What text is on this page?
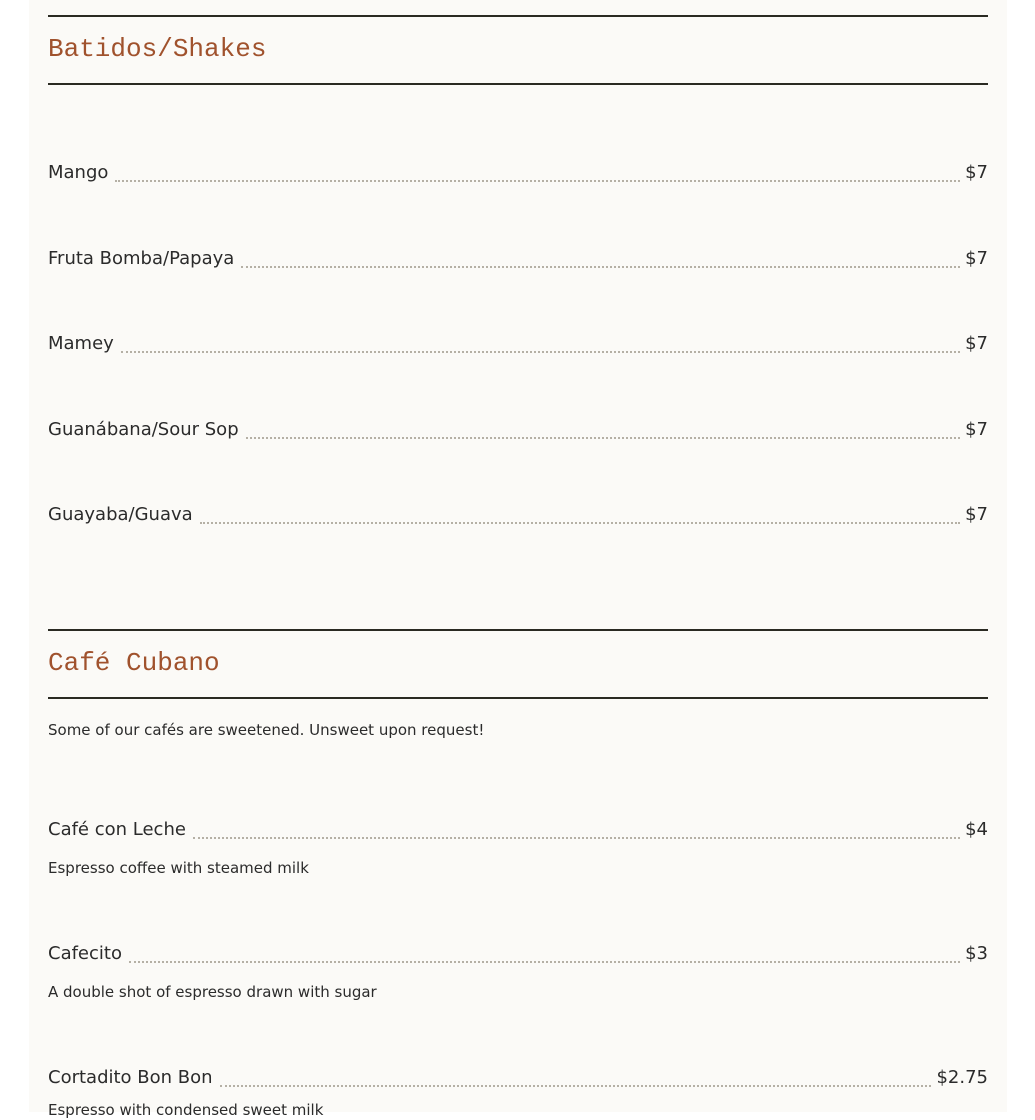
Batidos/Shakes
Mango	$7
Fruta Bomba/Papaya	$7
Mamey	$7
Guanábana/Sour Sop	$7
Guayaba/Guava	$7
Café Cubano
Some of our cafés are sweetened. Unsweet upon request!
Café con Leche	$4
Espresso coffee with steamed milk
Cafecito	$3
A double shot of espresso drawn with sugar
Cortadito Bon Bon	$2.75
Espresso with condensed sweet milk
